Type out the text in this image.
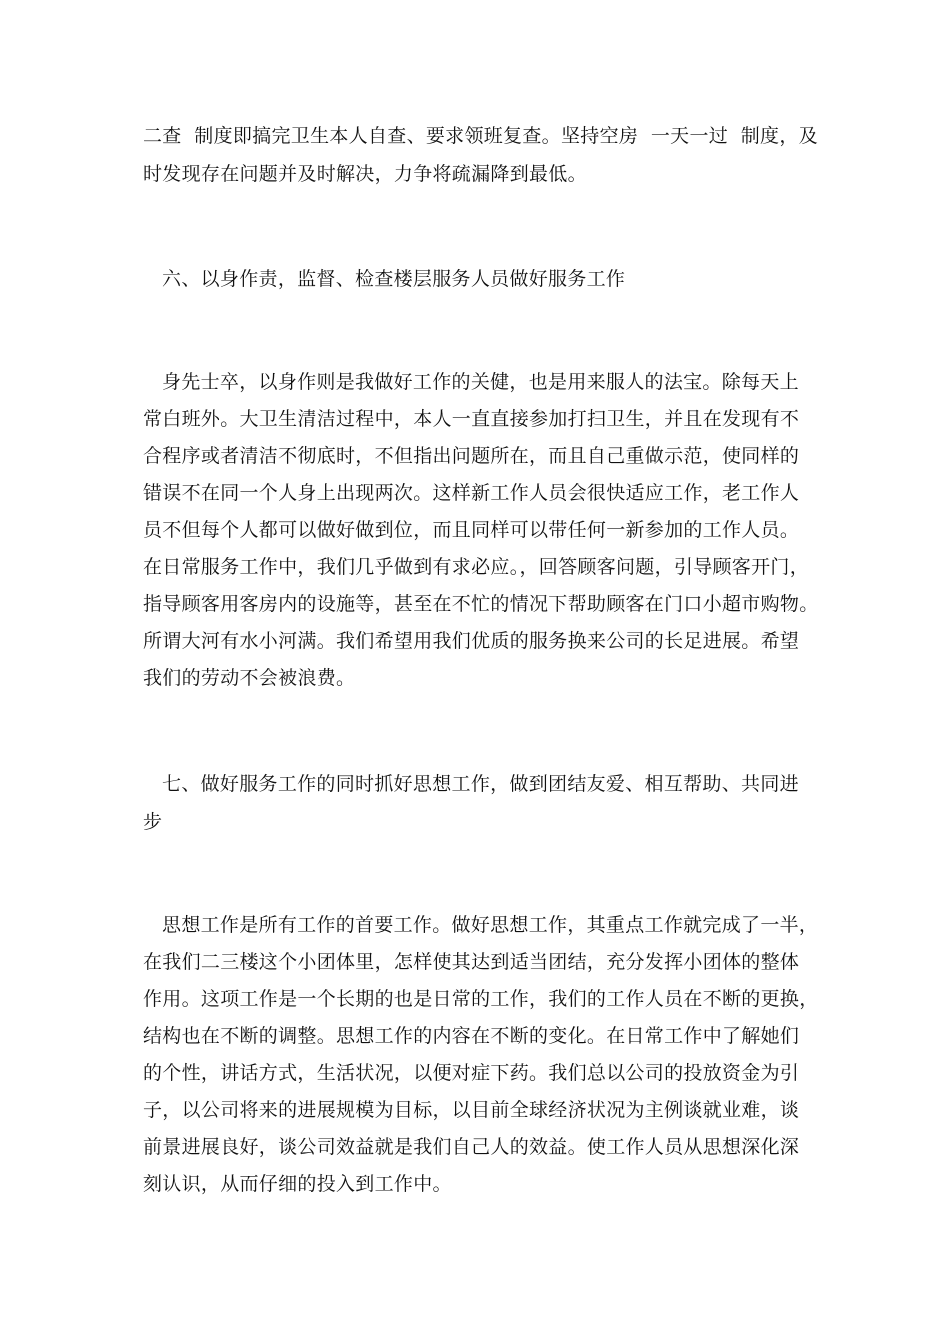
二查  制度即搞完卫生本人自查、要求领班复查。坚持空房  一天一过  制度，及
时发现存在问题并及时解决，力争将疏漏降到最低。
六、以身作责，监督、检查楼层服务人员做好服务工作
身先士卒，以身作则是我做好工作的关健，也是用来服人的法宝。除每天上
常白班外。大卫生清洁过程中，本人一直直接参加打扫卫生，并且在发现有不
合程序或者清洁不彻底时，不但指出问题所在，而且自己重做示范，使同样的
错误不在同一个人身上出现两次。这样新工作人员会很快适应工作，老工作人
员不但每个人都可以做好做到位，而且同样可以带任何一新参加的工作人员。
在日常服务工作中，我们几乎做到有求必应。，回答顾客问题，引导顾客开门，
指导顾客用客房内的设施等，甚至在不忙的情况下帮助顾客在门口小超市购物。
所谓大河有水小河满。我们希望用我们优质的服务换来公司的长足进展。希望
我们的劳动不会被浪费。
七、做好服务工作的同时抓好思想工作，做到团结友爱、相互帮助、共同进
步
思想工作是所有工作的首要工作。做好思想工作，其重点工作就完成了一半，
在我们二三楼这个小团体里，怎样使其达到适当团结，充分发挥小团体的整体
作用。这项工作是一个长期的也是日常的工作，我们的工作人员在不断的更换，
结构也在不断的调整。思想工作的内容在不断的变化。在日常工作中了解她们
的个性，讲话方式，生活状况，以便对症下药。我们总以公司的投放资金为引
子，以公司将来的进展规模为目标，以目前全球经济状况为主例谈就业难，谈
前景进展良好，谈公司效益就是我们自己人的效益。使工作人员从思想深化深
刻认识，从而仔细的投入到工作中。
